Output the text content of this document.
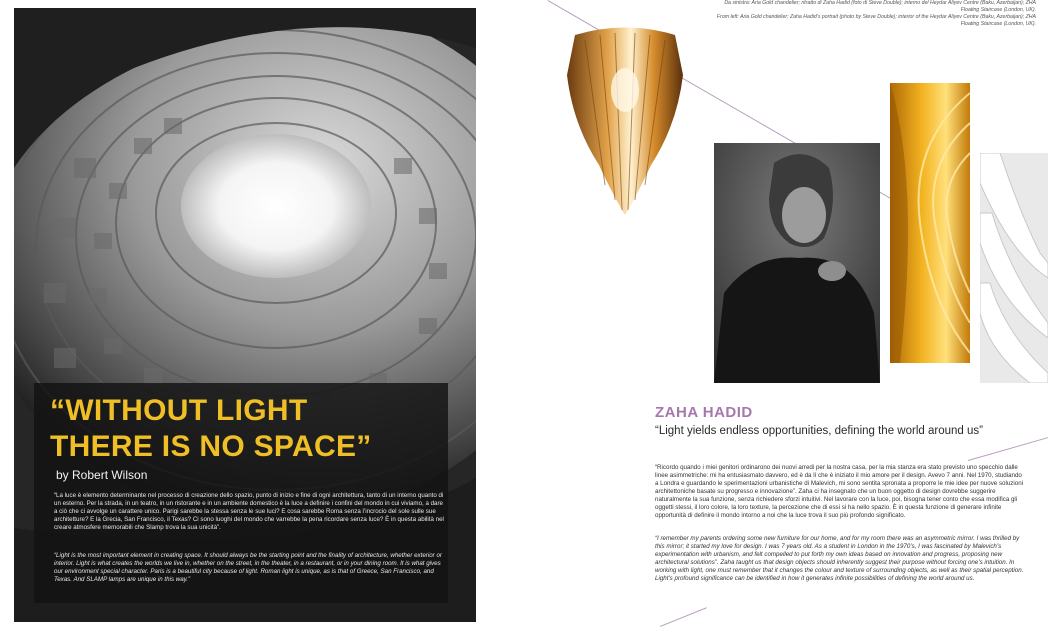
“WITHOUT LIGHT
THERE IS NO SPACE”
by Robert Wilson

“La luce è elemento determinante nel processo di creazione dello spazio, punto di inizio e fine di ogni architettura, tanto di un interno quanto di un esterno. Per la strada, in un teatro, in un ristorante e in un ambiente domestico è la luce a definire i confini del mondo in cui viviamo, a dare a ciò che ci avvolge un carattere unico. Parigi sarebbe la stessa senza le sue luci? E cosa sarebbe Roma senza l’incrocio del sole sulle sue architetture? E la Grecia, San Francisco, il Texas? Ci sono luoghi del mondo che varrebbe la pena ricordare senza luce? È in questa abilità nel creare atmosfere memorabili che Slamp trova la sua unicità”.

“Light is the most important element in creating space. It should always be the starting point and the finality of architecture, whether exterior or interior. Light is what creates the worlds we live in, whether on the street, in the theater, in a restaurant, or in your dining room. It is what gives our environment special character. Paris is a beautiful city because of light. Roman light is unique, as is that of Greece, San Francisco, and Texas. And SLAMP lamps are unique in this way.”

Da sinistra: Aria Gold chandelier; ritratto di Zaha Hadid (foto di Steve Double); interno del Heydar Aliyev Centre (Baku, Azerbaijan); ZHA Floating Staircase (London, UK).

From left: Aria Gold chandelier; Zaha Hadid’s portrait (photo by Steve Double); interior of the Heydar Aliyev Centre (Baku, Azerbaijan); ZHA Floating Staircase (London, UK).

ZAHA HADID

“Light yields endless opportunities, defining the world around us”

“Ricordo quando i miei genitori ordinarono dei nuovi arredi per la nostra casa, per la mia stanza era stato previsto uno specchio dalle linee asimmetriche: mi ha entusiasmato davvero, ed è da lì che è iniziato il mio amore per il design. Avevo 7 anni. Nel 1970, studiando a Londra e guardando le sperimentazioni urbanistiche di Malevich, mi sono sentita spronata a proporre le mie idee per nuove soluzioni architettoniche basate su progresso e innovazione”. Zaha ci ha insegnato che un buon oggetto di design dovrebbe suggerire naturalmente la sua funzione, senza richiedere sforzi intuitivi. Nel lavorare con la luce, poi, bisogna tener conto che essa modifica gli oggetti stessi, il loro colore, la loro texture, la percezione che di essi si ha nello spazio. È in questa funzione di generare infinite opportunità di definire il mondo intorno a noi che la luce trova il suo più profondo significato.

“I remember my parents ordering some new furniture for our home, and for my room there was an asymmetric mirror. I was thrilled by this mirror; it started my love for design. I was 7 years old. As a student in London in the 1970’s, I was fascinated by Malevich’s experimentation with urbanism, and felt compelled to put forth my own ideas based on innovation and progress, proposing new architectural solutions”. Zaha taught us that design objects should inherently suggest their purpose without forcing one’s intuition. In working with light, one must remember that it changes the colour and texture of surrounding objects, as well as their spatial perception. Light’s profound significance can be identified in how it generates infinite possibilities of defining the world around us.
